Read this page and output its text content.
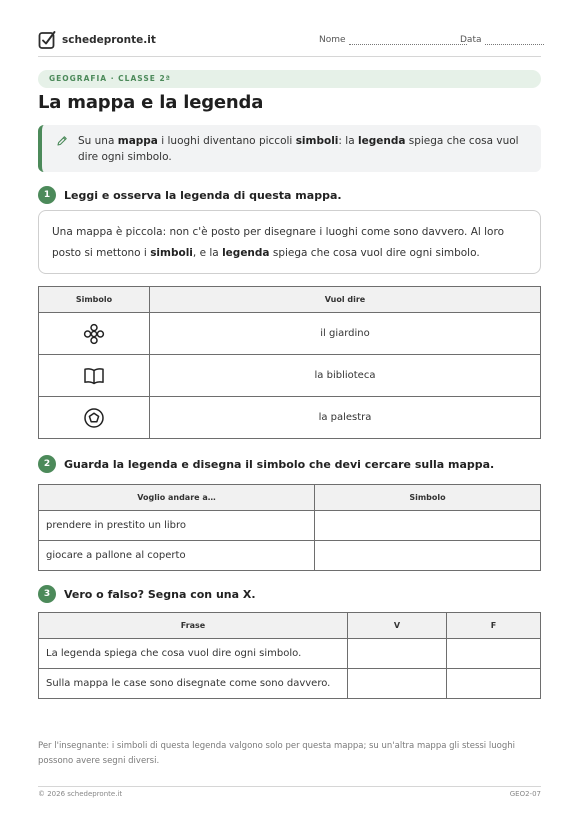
schedepronte.it	Nome	Data
GEOGRAFIA · CLASSE 2ª
La mappa e la legenda
Su una mappa i luoghi diventano piccoli simboli: la legenda spiega che cosa vuol dire ogni simbolo.
1	Leggi e osserva la legenda di questa mappa.
Una mappa è piccola: non c'è posto per disegnare i luoghi come sono davvero. Al loro posto si mettono i simboli, e la legenda spiega che cosa vuol dire ogni simbolo.
Simbolo	Vuol dire

	il giardino

	la biblioteca

	la palestra
2	Guarda la legenda e disegna il simbolo che devi cercare sulla mappa.
Voglio andare a…	Simbolo
prendere in prestito un libro	
giocare a pallone al coperto	
3	Vero o falso? Segna con una X.
Frase	V	F
La legenda spiega che cosa vuol dire ogni simbolo.		
Sulla mappa le case sono disegnate come sono davvero.		
Per l'insegnante: i simboli di questa legenda valgono solo per questa mappa; su un'altra mappa gli stessi luoghi possono avere segni diversi.
© 2026 schedepronte.it	GEO2-07
